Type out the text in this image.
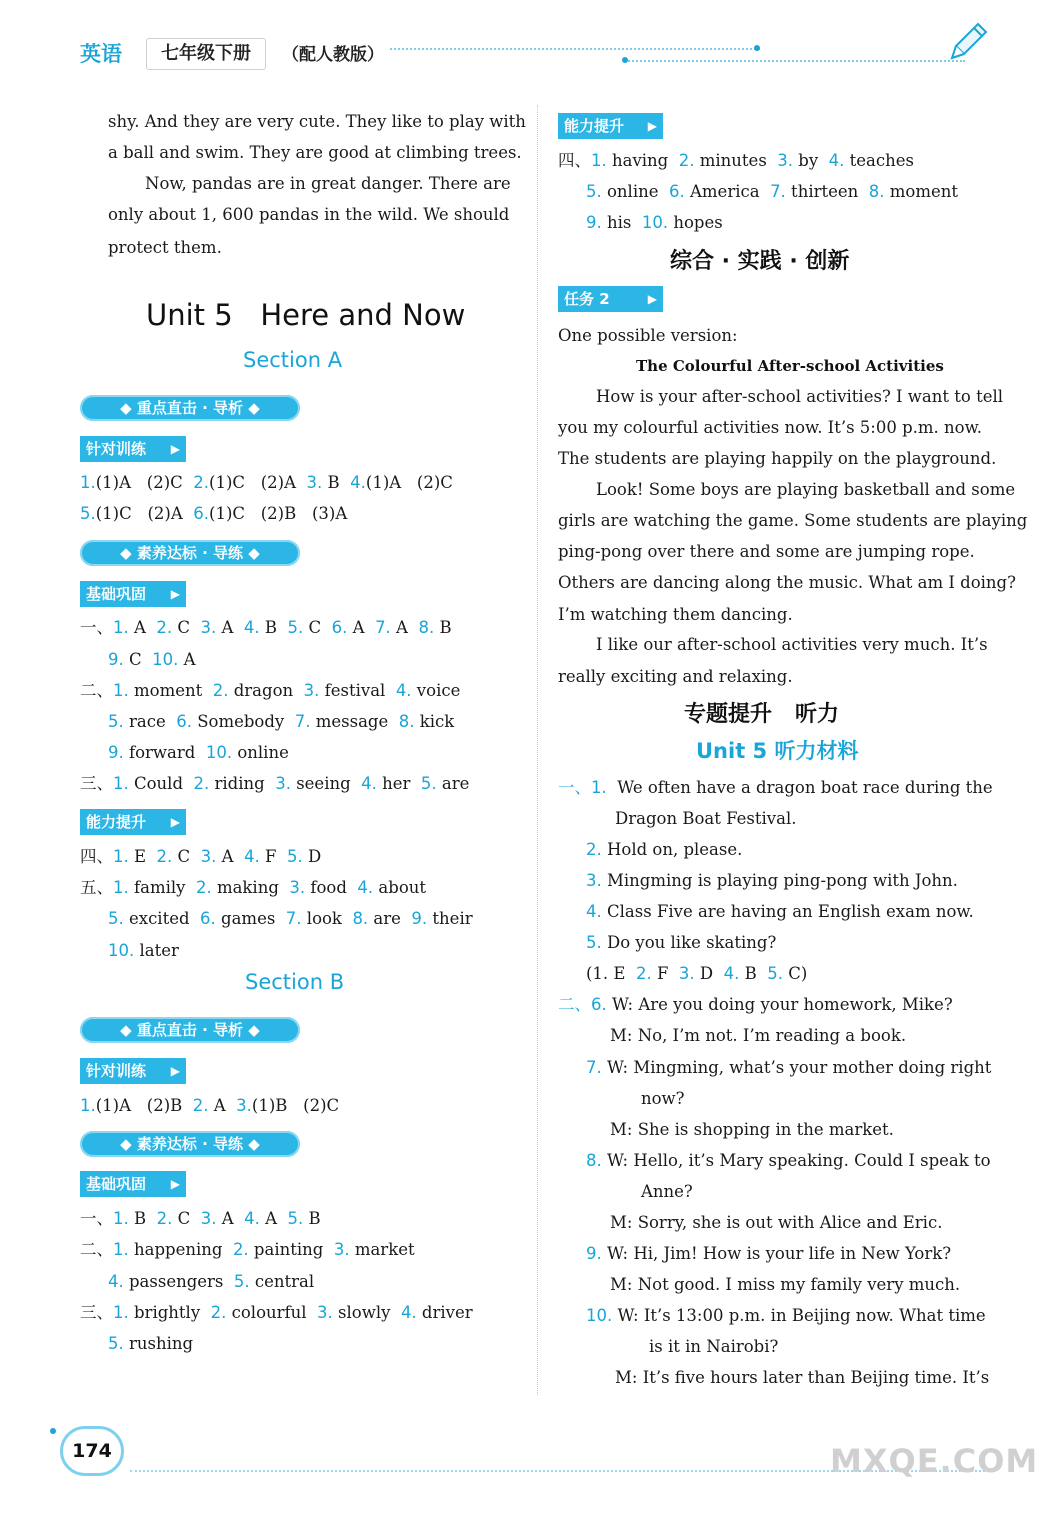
英语	七年级下册	（配人教版）
shy. And they are very cute. They like to play with
a ball and swim. They are good at climbing trees.
Now, pandas are in great danger. There are
only about 1, 600 pandas in the wild. We should
protect them.
Unit 5   Here and Now
Section A
◆ 重点直击 · 导析 ◆
针对训练 ▶
1.(1)A   (2)C  2.(1)C   (2)A  3. B  4.(1)A   (2)C
5.(1)C   (2)A  6.(1)C   (2)B   (3)A
◆ 素养达标 · 导练 ◆
基础巩固 ▶
一、1. A  2. C  3. A  4. B  5. C  6. A  7. A  8. B
9. C  10. A
二、1. moment  2. dragon  3. festival  4. voice
5. race  6. Somebody  7. message  8. kick
9. forward  10. online
三、1. Could  2. riding  3. seeing  4. her  5. are
能力提升 ▶
四、1. E  2. C  3. A  4. F  5. D
五、1. family  2. making  3. food  4. about
5. excited  6. games  7. look  8. are  9. their
10. later
Section B
◆ 重点直击 · 导析 ◆
针对训练 ▶
1.(1)A   (2)B  2. A  3.(1)B   (2)C
◆ 素养达标 · 导练 ◆
基础巩固 ▶
一、1. B  2. C  3. A  4. A  5. B
二、1. happening  2. painting  3. market
4. passengers  5. central
三、1. brightly  2. colourful  3. slowly  4. driver
5. rushing
能力提升 ▶
四、1. having  2. minutes  3. by  4. teaches
5. online  6. America  7. thirteen  8. moment
9. his  10. hopes
综合 · 实践 · 创新
任务 2 ▶
One possible version:
The Colourful After-school Activities
How is your after-school activities? I want to tell
you my colourful activities now. It’s 5:00 p.m. now.
The students are playing happily on the playground.
Look! Some boys are playing basketball and some
girls are watching the game. Some students are playing
ping-pong over there and some are jumping rope.
Others are dancing along the music. What am I doing?
I’m watching them dancing.
I like our after-school activities very much. It’s
really exciting and relaxing.
专题提升   听力
Unit 5 听力材料
一、1.  We often have a dragon boat race during the
Dragon Boat Festival.
2. Hold on, please.
3. Mingming is playing ping-pong with John.
4. Class Five are having an English exam now.
5. Do you like skating?
(1. E  2. F  3. D  4. B  5. C)
二、6. W: Are you doing your homework, Mike?
M: No, I’m not. I’m reading a book.
7. W: Mingming, what’s your mother doing right
now?
M: She is shopping in the market.
8. W: Hello, it’s Mary speaking. Could I speak to
Anne?
M: Sorry, she is out with Alice and Eric.
9. W: Hi, Jim! How is your life in New York?
M: Not good. I miss my family very much.
10. W: It’s 13:00 p.m. in Beijing now. What time
is it in Nairobi?
M: It’s five hours later than Beijing time. It’s
174	MXQE.COM
